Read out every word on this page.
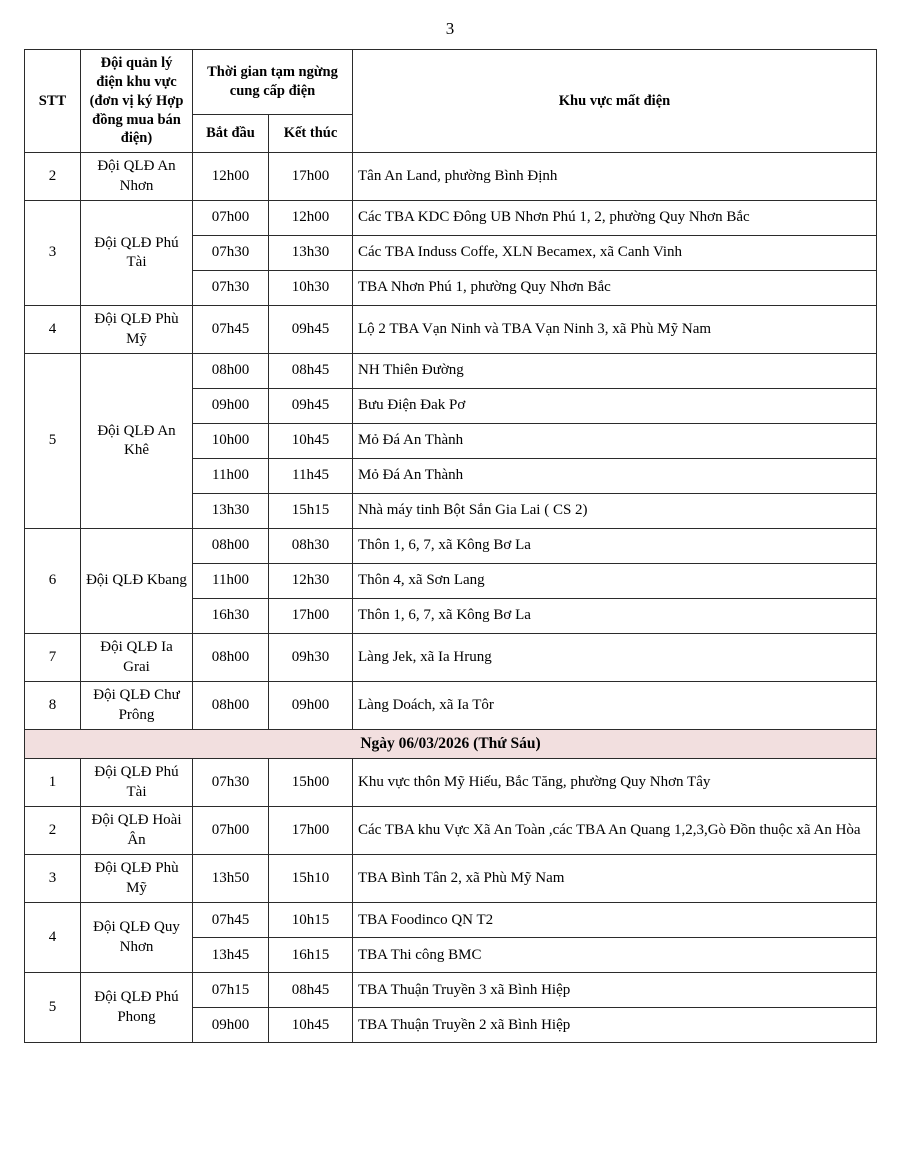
3
STT	Đội quản lý điện khu vực (đơn vị ký Hợp đồng mua bán điện)	Thời gian tạm ngừng cung cấp điện		Khu vực mất điện
		Bắt đầu	Kết thúc	
2	Đội QLĐ An Nhơn	12h00	17h00	Tân An Land, phường Bình Định
3	Đội QLĐ Phú Tài	07h00	12h00	Các TBA KDC Đông UB Nhơn Phú 1, 2, phường Quy Nhơn Bắc
		07h30	13h30	Các TBA Induss Coffe, XLN Becamex, xã Canh Vinh
		07h30	10h30	TBA Nhơn Phú 1, phường Quy Nhơn Bắc
4	Đội QLĐ Phù Mỹ	07h45	09h45	Lộ 2 TBA Vạn Ninh và TBA Vạn Ninh 3, xã Phù Mỹ Nam
5	Đội QLĐ An Khê	08h00	08h45	NH Thiên Đường
		09h00	09h45	Bưu Điện Đak Pơ
		10h00	10h45	Mỏ Đá An Thành
		11h00	11h45	Mỏ Đá An Thành
		13h30	15h15	Nhà máy tinh Bột Sắn Gia Lai ( CS 2)
6	Đội QLĐ Kbang	08h00	08h30	Thôn 1, 6, 7, xã Kông Bơ La
		11h00	12h30	Thôn 4, xã Sơn Lang
		16h30	17h00	Thôn 1, 6, 7, xã Kông Bơ La
7	Đội QLĐ Ia Grai	08h00	09h30	Làng Jek, xã Ia Hrung
8	Đội QLĐ Chư Prông	08h00	09h00	Làng Doách, xã Ia Tôr
Ngày 06/03/2026 (Thứ Sáu)				
1	Đội QLĐ Phú Tài	07h30	15h00	Khu vực thôn Mỹ Hiếu, Bắc Tăng, phường Quy Nhơn Tây
2	Đội QLĐ Hoài Ân	07h00	17h00	Các TBA khu Vực Xã An Toàn ,các TBA An Quang 1,2,3,Gò Đồn thuộc xã An Hòa
3	Đội QLĐ Phù Mỹ	13h50	15h10	TBA Bình Tân 2, xã Phù Mỹ Nam
4	Đội QLĐ Quy Nhơn	07h45	10h15	TBA Foodinco QN T2
		13h45	16h15	TBA Thi công BMC
5	Đội QLĐ Phú Phong	07h15	08h45	TBA Thuận Truyền 3 xã Bình Hiệp
		09h00	10h45	TBA Thuận Truyền 2 xã Bình Hiệp
